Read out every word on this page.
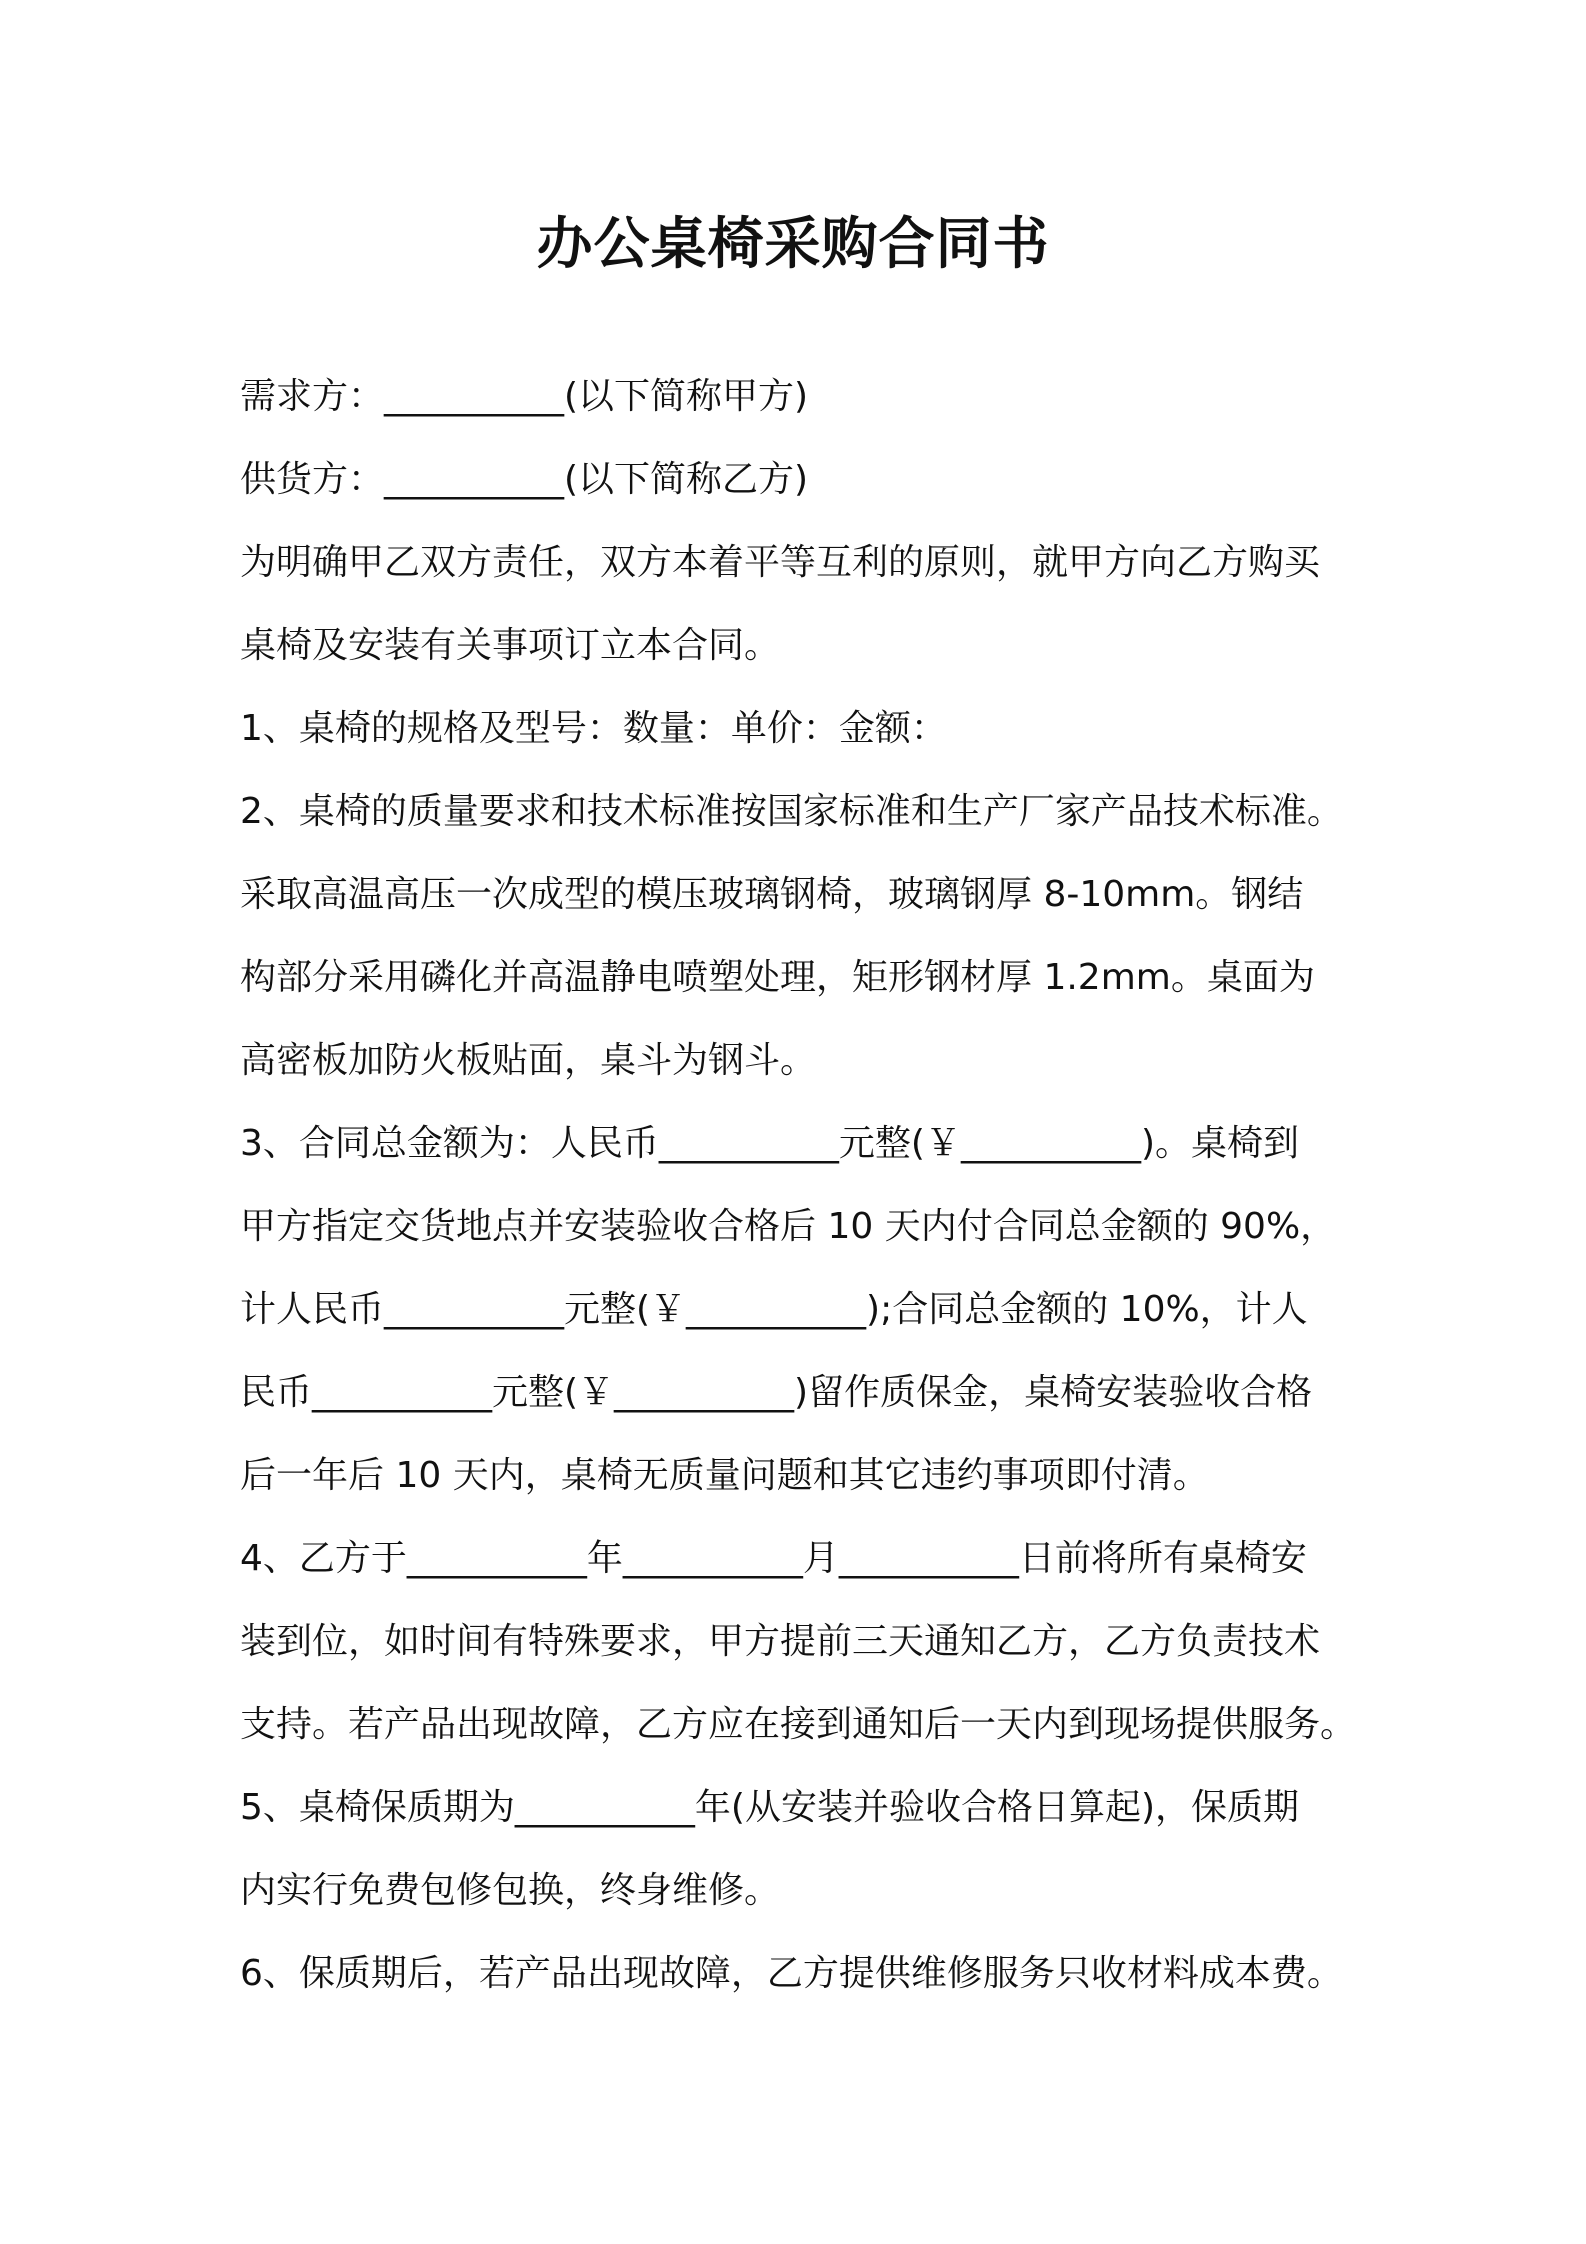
办公桌椅采购合同书
需求方：__________(以下简称甲方)
供货方：__________(以下简称乙方)
为明确甲乙双方责任，双方本着平等互利的原则，就甲方向乙方购买
桌椅及安装有关事项订立本合同。
1、桌椅的规格及型号：数量：单价：金额：
2、桌椅的质量要求和技术标准按国家标准和生产厂家产品技术标准。
采取高温高压一次成型的模压玻璃钢椅，玻璃钢厚 8-10mm。钢结
构部分采用磷化并高温静电喷塑处理，矩形钢材厚 1.2mm。桌面为
高密板加防火板贴面，桌斗为钢斗。
3、合同总金额为：人民币__________元整(￥__________)。桌椅到
甲方指定交货地点并安装验收合格后 10 天内付合同总金额的 90%，
计人民币__________元整(￥__________);合同总金额的 10%，计人
民币__________元整(￥__________)留作质保金，桌椅安装验收合格
后一年后 10 天内，桌椅无质量问题和其它违约事项即付清。
4、乙方于__________年__________月__________日前将所有桌椅安
装到位，如时间有特殊要求，甲方提前三天通知乙方，乙方负责技术
支持。若产品出现故障，乙方应在接到通知后一天内到现场提供服务。
5、桌椅保质期为__________年(从安装并验收合格日算起)，保质期
内实行免费包修包换，终身维修。
6、保质期后，若产品出现故障，乙方提供维修服务只收材料成本费。
